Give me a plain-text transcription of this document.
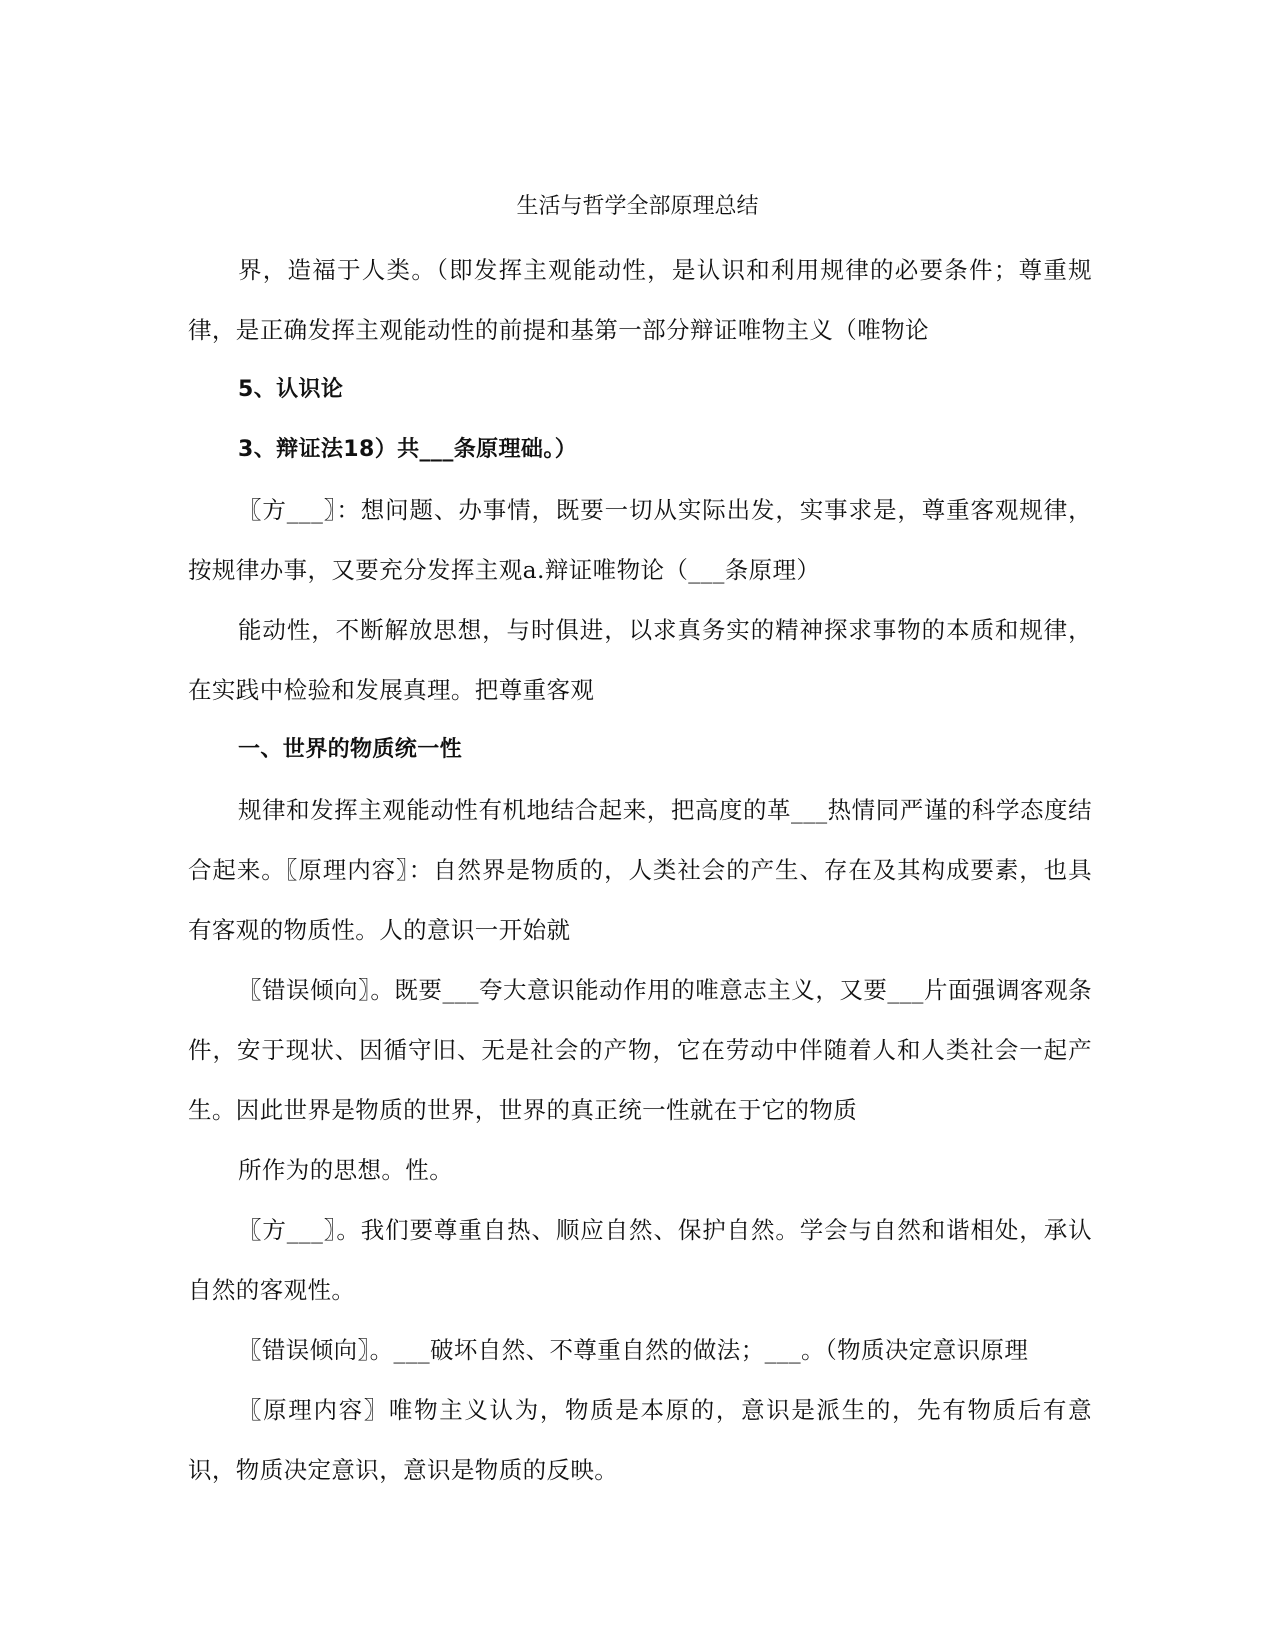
生活与哲学全部原理总结

界，造福于人类。（即发挥主观能动性，是认识和利用规律的必要条件；尊重规律，是正确发挥主观能动性的前提和基第一部分辩证唯物主义（唯物论

5、认识论

3、辩证法18）共___条原理础。）

〖方___〗：想问题、办事情，既要一切从实际出发，实事求是，尊重客观规律，按规律办事，又要充分发挥主观a.辩证唯物论（___条原理）

能动性，不断解放思想，与时俱进，以求真务实的精神探求事物的本质和规律，在实践中检验和发展真理。把尊重客观

一、世界的物质统一性

规律和发挥主观能动性有机地结合起来，把高度的革___热情同严谨的科学态度结合起来。〖原理内容〗：自然界是物质的，人类社会的产生、存在及其构成要素，也具有客观的物质性。人的意识一开始就

〖错误倾向〗。既要___夸大意识能动作用的唯意志主义，又要___片面强调客观条件，安于现状、因循守旧、无是社会的产物，它在劳动中伴随着人和人类社会一起产生。因此世界是物质的世界，世界的真正统一性就在于它的物质

所作为的思想。性。

〖方___〗。我们要尊重自热、顺应自然、保护自然。学会与自然和谐相处，承认自然的客观性。

〖错误倾向〗。___破坏自然、不尊重自然的做法；___。（物质决定意识原理

〖原理内容〗唯物主义认为，物质是本原的，意识是派生的，先有物质后有意识，物质决定意识，意识是物质的反映。
